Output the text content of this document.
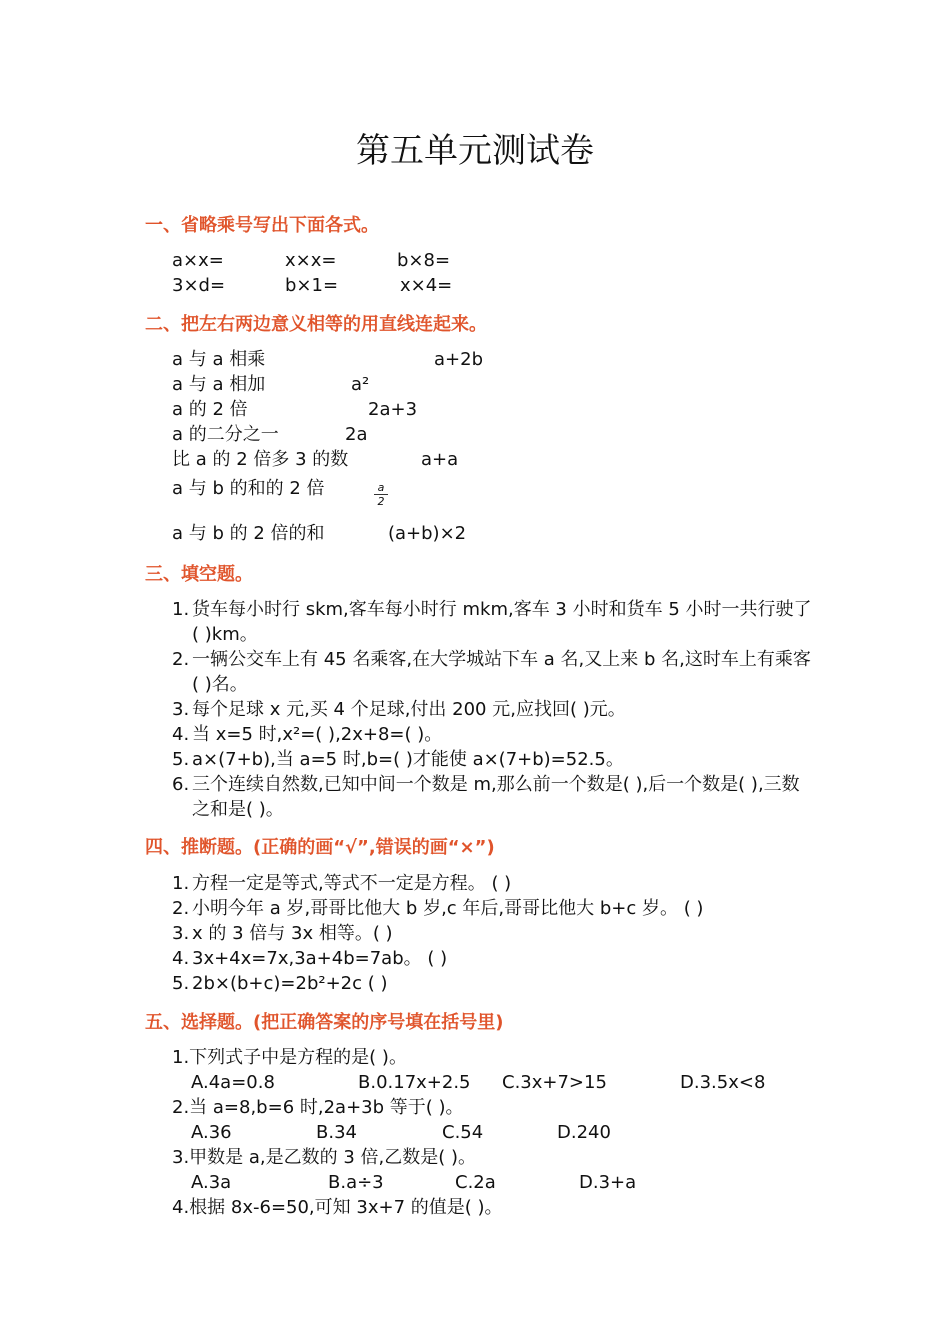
第五单元测试卷
一、省略乘号写出下面各式。
a×x=	x×x=	b×8=
3×d=	b×1=	x×4=
二、把左右两边意义相等的用直线连起来。
a 与 a 相乘	a+2b
a 与 a 相加	a²
a 的 2 倍	2a+3
a 的二分之一	2a
比 a 的 2 倍多 3 的数	a+a
a 与 b 的和的 2 倍	$\frac{a}{2}$
a 与 b 的 2 倍的和	(a+b)×2
三、填空题。
1. 货车每小时行 skm,客车每小时行 mkm,客车 3 小时和货车 5 小时一共行驶了( )km。
2. 一辆公交车上有 45 名乘客,在大学城站下车 a 名,又上来 b 名,这时车上有乘客( )名。
3. 每个足球 x 元,买 4 个足球,付出 200 元,应找回( )元。
4. 当 x=5 时,x²=( ),2x+8=( )。
5. a×(7+b),当 a=5 时,b=( )才能使 a×(7+b)=52.5。
6. 三个连续自然数,已知中间一个数是 m,那么前一个数是( ),后一个数是( ),三数之和是( )。
四、推断题。(正确的画“√”,错误的画“×”)
1. 方程一定是等式,等式不一定是方程。 ( )
2. 小明今年 a 岁,哥哥比他大 b 岁,c 年后,哥哥比他大 b+c 岁。 ( )
3. x 的 3 倍与 3x 相等。( )
4. 3x+4x=7x,3a+4b=7ab。 ( )
5. 2b×(b+c)=2b²+2c ( )
五、选择题。(把正确答案的序号填在括号里)
1.下列式子中是方程的是( )。
A.4a=0.8	B.0.17x+2.5 C.3x+7>15	D.3.5x<8
2.当 a=8,b=6 时,2a+3b 等于( )。
A.36	B.34	C.54	D.240
3.甲数是 a,是乙数的 3 倍,乙数是( )。
A.3a	B.a÷3	C.2a	D.3+a
4.根据 8x-6=50,可知 3x+7 的值是( )。
